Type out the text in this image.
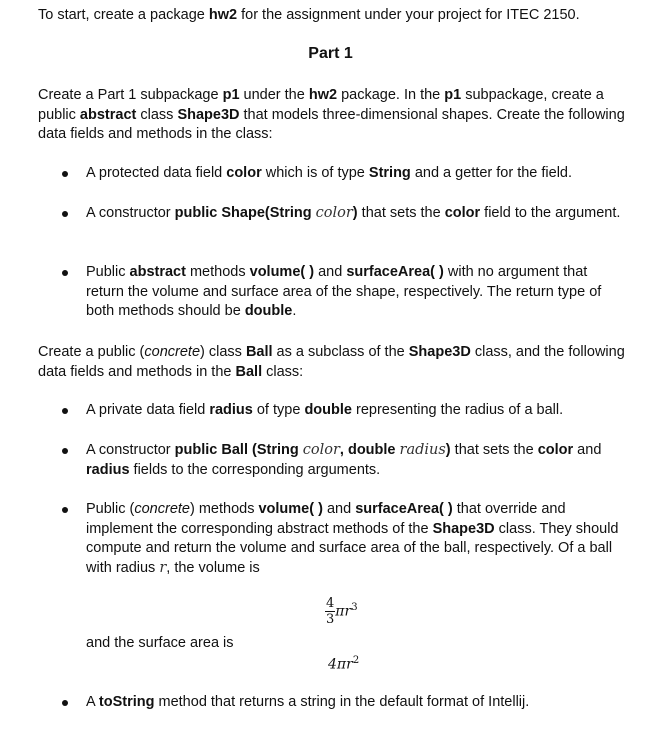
To start, create a package hw2 for the assignment under your project for ITEC 2150.

Part 1

Create a Part 1 subpackage p1 under the hw2 package. In the p1 subpackage, create a public abstract class Shape3D that models three-dimensional shapes. Create the following data fields and methods in the class:

A protected data field color which is of type String and a getter for the field.

A constructor public Shape(String color) that sets the color field to the argument.

Public abstract methods volume( ) and surfaceArea( ) with no argument that return the volume and surface area of the shape, respectively. The return type of both methods should be double.

Create a public (concrete) class Ball as a subclass of the Shape3D class, and the following data fields and methods in the Ball class:

A private data field radius of type double representing the radius of a ball.

A constructor public Ball (String color, double radius) that sets the color and radius fields to the corresponding arguments.

Public (concrete) methods volume( ) and surfaceArea( ) that override and implement the corresponding abstract methods of the Shape3D class. They should compute and return the volume and surface area of the ball, respectively. Of a ball with radius r, the volume is

$\frac{4}{3} \pi r^3$

and the surface area is

$4\pi r^2$

A toString method that returns a string in the default format of Intellij.
